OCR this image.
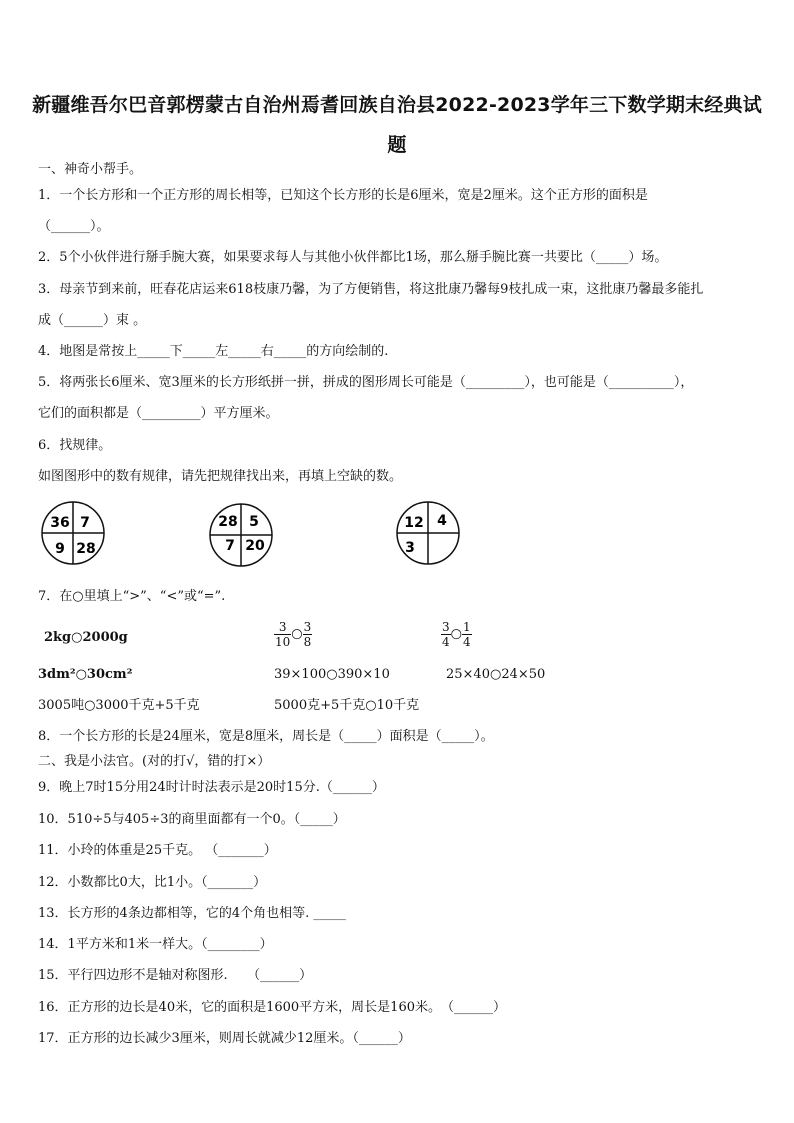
新疆维吾尔巴音郭楞蒙古自治州焉耆回族自治县2022-2023学年三下数学期末经典试
题
一、神奇小帮手。
1．一个长方形和一个正方形的周长相等，已知这个长方形的长是6厘米，宽是2厘米。这个正方形的面积是
（______）。
2．5个小伙伴进行掰手腕大赛，如果要求每人与其他小伙伴都比1场，那么掰手腕比赛一共要比（_____）场。
3．母亲节到来前，旺春花店运来618枝康乃馨，为了方便销售，将这批康乃馨每9枝扎成一束，这批康乃馨最多能扎
成（______）束 。
4．地图是常按上_____下_____左_____右_____的方向绘制的.
5．将两张长6厘米、宽3厘米的长方形纸拼一拼，拼成的图形周长可能是（_________），也可能是（__________），
它们的面积都是（_________）平方厘米。
6．找规律。
如图图形中的数有规律，请先把规律找出来，再填上空缺的数。
36 7
9 28
28 5
7 20
12 4
3
7．在○里填上“>”、“<”或“=”.
2kg○2000g	$\frac{3}{10}$ ○ $\frac{3}{8}$	$\frac{3}{4}$ ○ $\frac{1}{4}$
3dm²○30cm²	39×100○390×10	25×40○24×50
3005吨○3000千克+5千克	5000克+5千克○10千克
8．一个长方形的长是24厘米，宽是8厘米，周长是（_____）面积是（_____）。
二、我是小法官。(对的打√，错的打×）
9．晚上7时15分用24时计时法表示是20时15分.（______）
10．510÷5与405÷3的商里面都有一个0。（_____）
11．小玲的体重是25千克。 （_______）
12．小数都比0大，比1小。（_______）
13．长方形的4条边都相等，它的4个角也相等. _____
14．1平方米和1米一样大。（________）
15．平行四边形不是轴对称图形.　　（______）
16．正方形的边长是40米，它的面积是1600平方米，周长是160米。　（______）
17．正方形的边长减少3厘米，则周长就减少12厘米。（______）
